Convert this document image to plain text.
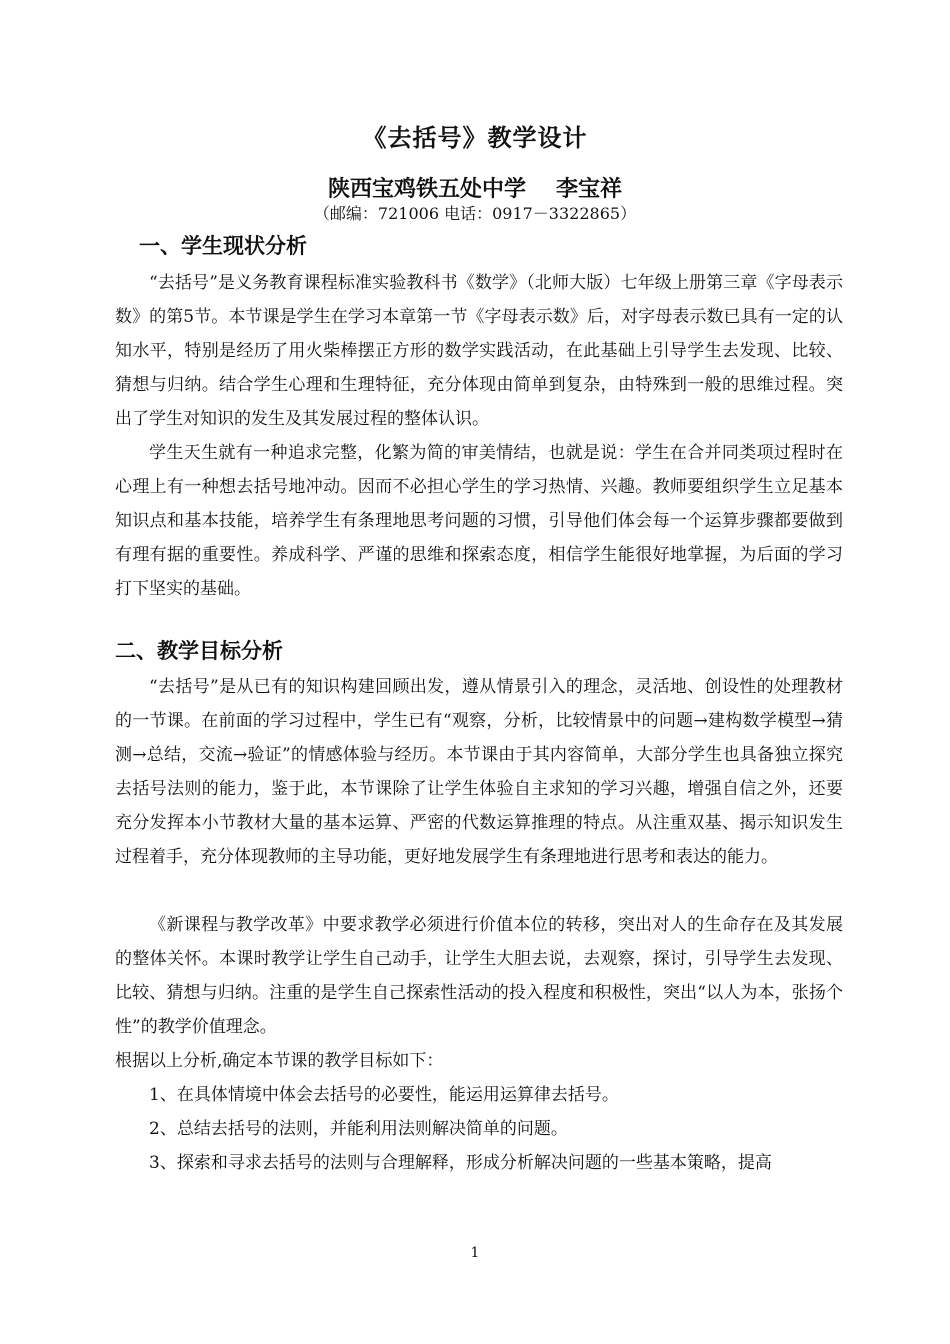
《去括号》教学设计
陕西宝鸡铁五处中学 李宝祥
（邮编：721006 电话：0917－3322865）
一、学生现状分析
“去括号”是义务教育课程标准实验教科书《数学》（北师大版）七年级上册第三章《字母表示数》的第5节。本节课是学生在学习本章第一节《字母表示数》后，对字母表示数已具有一定的认知水平，特别是经历了用火柴棒摆正方形的数学实践活动，在此基础上引导学生去发现、比较、猜想与归纳。结合学生心理和生理特征，充分体现由简单到复杂，由特殊到一般的思维过程。突出了学生对知识的发生及其发展过程的整体认识。
学生天生就有一种追求完整，化繁为简的审美情结，也就是说：学生在合并同类项过程时在心理上有一种想去括号地冲动。因而不必担心学生的学习热情、兴趣。教师要组织学生立足基本知识点和基本技能，培养学生有条理地思考问题的习惯，引导他们体会每一个运算步骤都要做到有理有据的重要性。养成科学、严谨的思维和探索态度，相信学生能很好地掌握，为后面的学习打下坚实的基础。
二、教学目标分析
“去括号”是从已有的知识构建回顾出发，遵从情景引入的理念，灵活地、创设性的处理教材的一节课。在前面的学习过程中，学生已有“观察，分析，比较情景中的问题→建构数学模型→猜测→总结，交流→验证”的情感体验与经历。本节课由于其内容简单，大部分学生也具备独立探究去括号法则的能力，鉴于此，本节课除了让学生体验自主求知的学习兴趣，增强自信之外，还要充分发挥本小节教材大量的基本运算、严密的代数运算推理的特点。从注重双基、揭示知识发生过程着手，充分体现教师的主导功能，更好地发展学生有条理地进行思考和表达的能力。
《新课程与教学改革》中要求教学必须进行价值本位的转移，突出对人的生命存在及其发展的整体关怀。本课时教学让学生自己动手，让学生大胆去说，去观察，探讨，引导学生去发现、比较、猜想与归纳。注重的是学生自己探索性活动的投入程度和积极性，突出“以人为本，张扬个性”的教学价值理念。
根据以上分析,确定本节课的教学目标如下：
1、在具体情境中体会去括号的必要性，能运用运算律去括号。
2、总结去括号的法则，并能利用法则解决简单的问题。
3、探索和寻求去括号的法则与合理解释，形成分析解决问题的一些基本策略，提高
1
